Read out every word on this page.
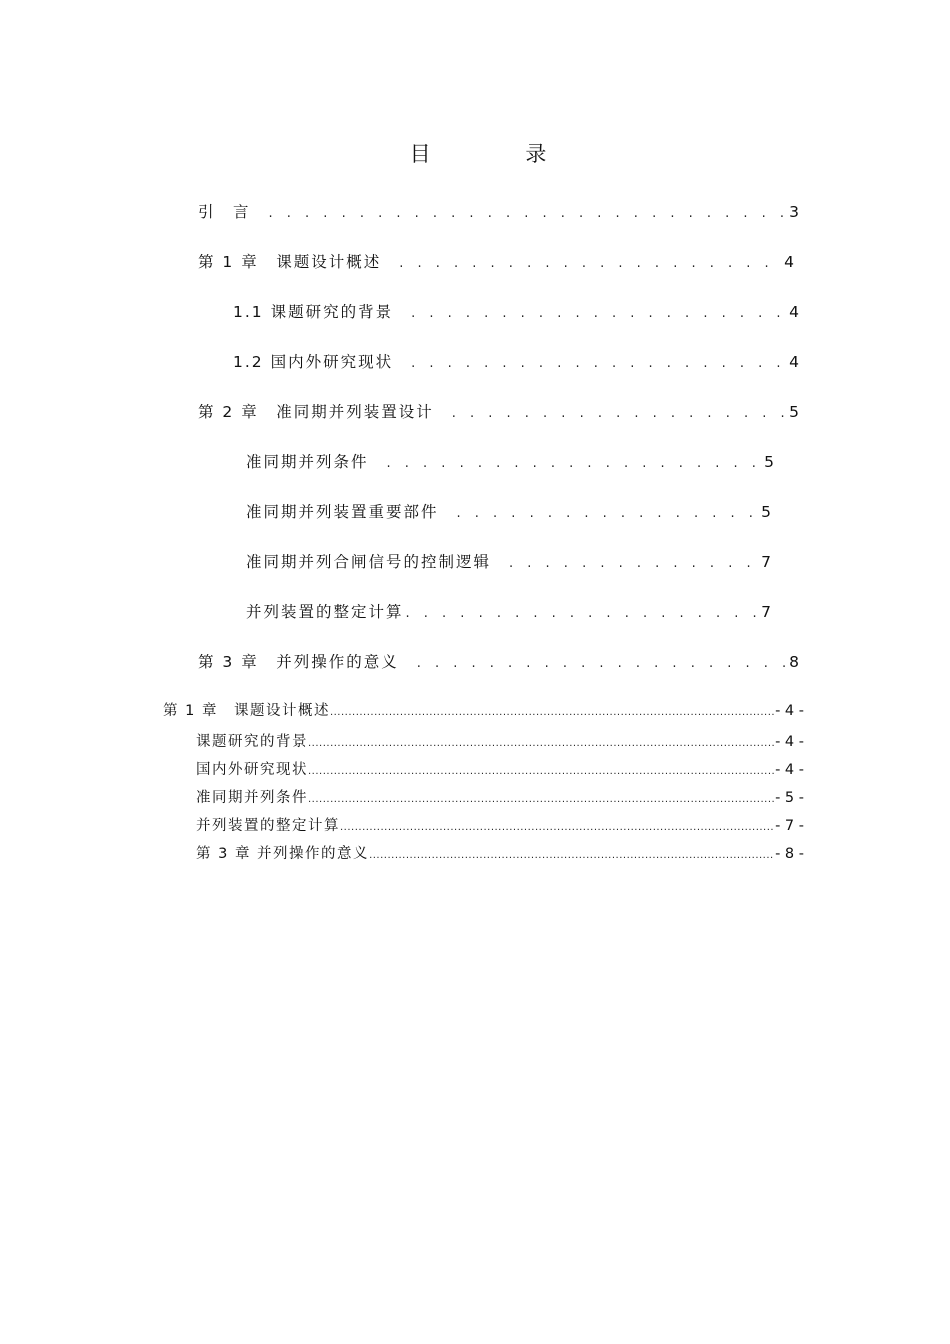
目 录
引　言 . . .	3
第 1 章　课题设计概述 . . .	4
1.1 课题研究的背景 . . .	4
1.2 国内外研究现状 . . .	4
第 2 章　准同期并列装置设计 . . .	5
准同期并列条件 . . .	5
准同期并列装置重要部件 . . .	5
准同期并列合闸信号的控制逻辑 . . .	7
并列装置的整定计算 . . .	7
第 3 章　并列操作的意义 . . .	8
第 1 章　课题设计概述 .....	- 4 -
课题研究的背景 .....	- 4 -
国内外研究现状 .....	- 4 -
准同期并列条件 .....	- 5 -
并列装置的整定计算 .....	- 7 -
第 3 章 并列操作的意义 .....	- 8 -
